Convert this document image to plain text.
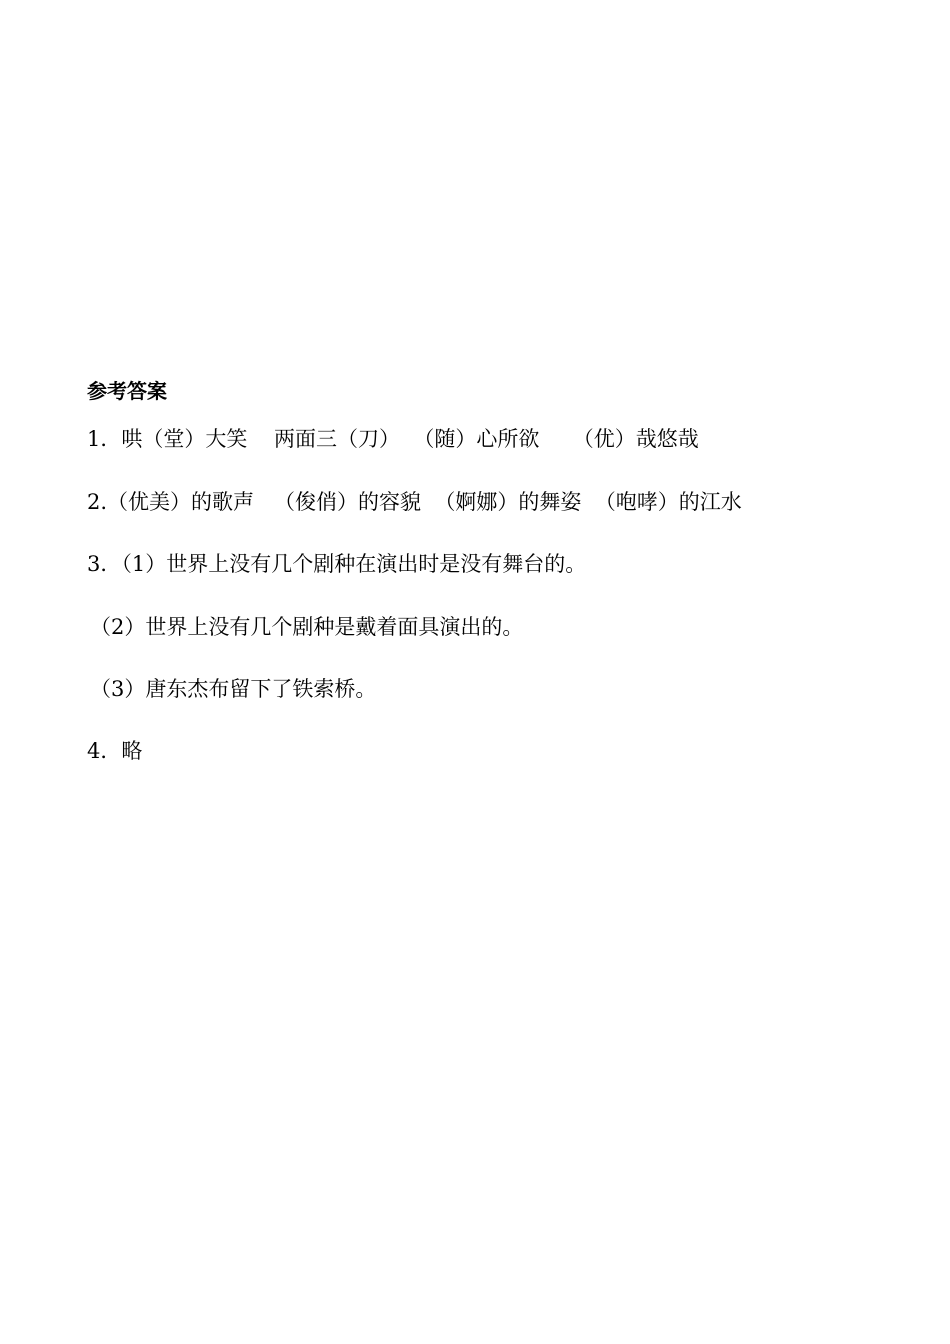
参考答案
1．哄（堂）大笑    两面三（刀）  （随）心所欲     （优）哉悠哉
2.（优美）的歌声   （俊俏）的容貌  （婀娜）的舞姿  （咆哮）的江水
3．（1）世界上没有几个剧种在演出时是没有舞台的。
（2）世界上没有几个剧种是戴着面具演出的。
（3）唐东杰布留下了铁索桥。
4．略
